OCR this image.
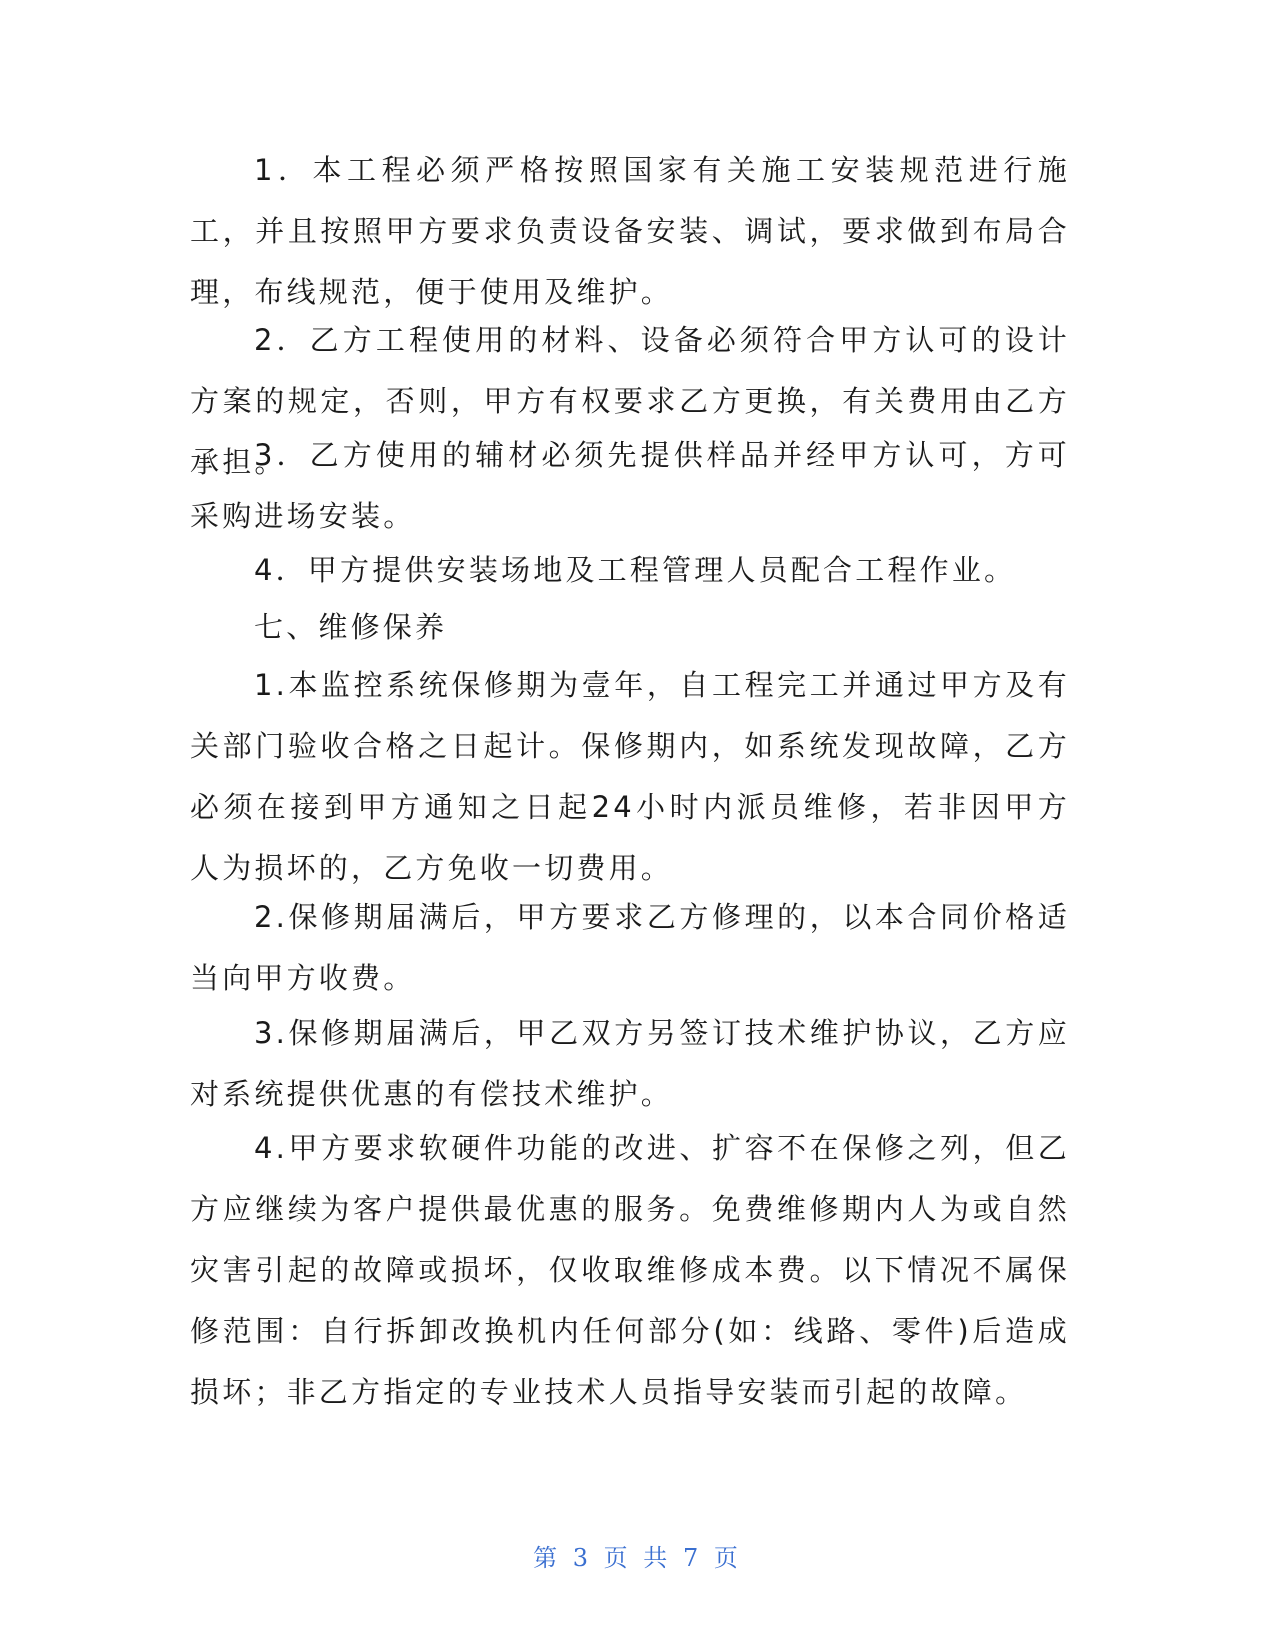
1．本工程必须严格按照国家有关施工安装规范进行施工，并且按照甲方要求负责设备安装、调试，要求做到布局合理，布线规范，便于使用及维护。

2．乙方工程使用的材料、设备必须符合甲方认可的设计方案的规定，否则，甲方有权要求乙方更换，有关费用由乙方承担。

3．乙方使用的辅材必须先提供样品并经甲方认可，方可采购进场安装。

4．甲方提供安装场地及工程管理人员配合工程作业。

七、维修保养

1.本监控系统保修期为壹年，自工程完工并通过甲方及有关部门验收合格之日起计。保修期内，如系统发现故障，乙方必须在接到甲方通知之日起24小时内派员维修，若非因甲方人为损坏的，乙方免收一切费用。

2.保修期届满后，甲方要求乙方修理的，以本合同价格适当向甲方收费。

3.保修期届满后，甲乙双方另签订技术维护协议，乙方应对系统提供优惠的有偿技术维护。

4.甲方要求软硬件功能的改进、扩容不在保修之列，但乙方应继续为客户提供最优惠的服务。免费维修期内人为或自然灾害引起的故障或损坏，仅收取维修成本费。以下情况不属保修范围：自行拆卸改换机内任何部分(如：线路、零件)后造成损坏；非乙方指定的专业技术人员指导安装而引起的故障。

第 3 页 共 7 页
